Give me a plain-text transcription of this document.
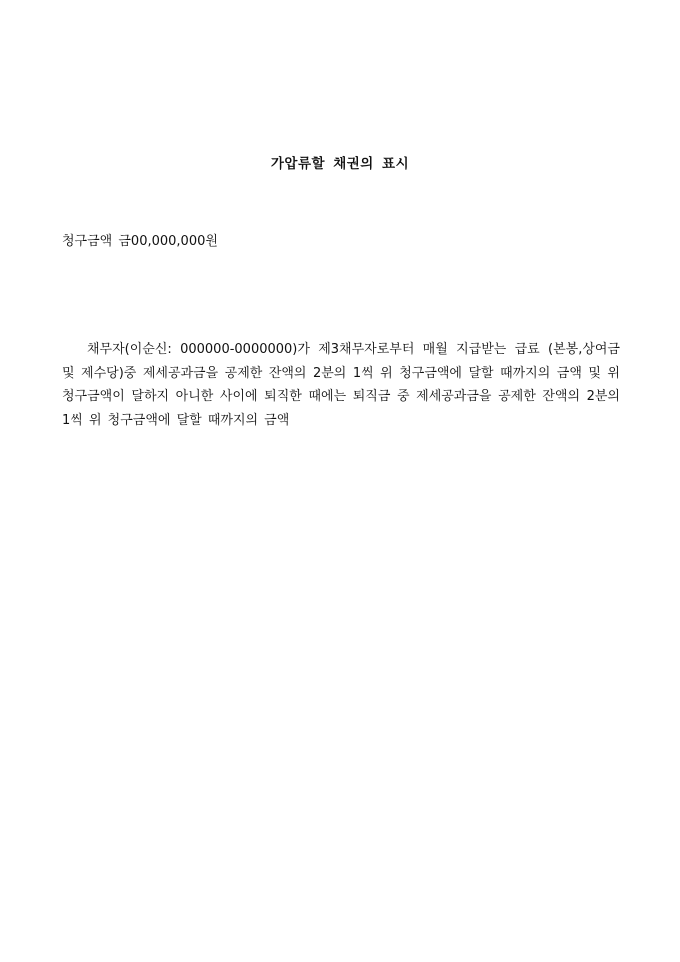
가압류할 채권의 표시
청구금액 금00,000,000원

채무자(이순신: 000000-0000000)가 제3채무자로부터 매월 지급받는 급료 (본봉,상여금 및 제수당)중 제세공과금을 공제한 잔액의 2분의 1씩 위 청구금액에 달할 때까지의 금액 및 위 청구금액이 달하지 아니한 사이에 퇴직한 때에는 퇴직금 중 제세공과금을 공제한 잔액의 2분의 1씩 위 청구금액에 달할 때까지의 금액
